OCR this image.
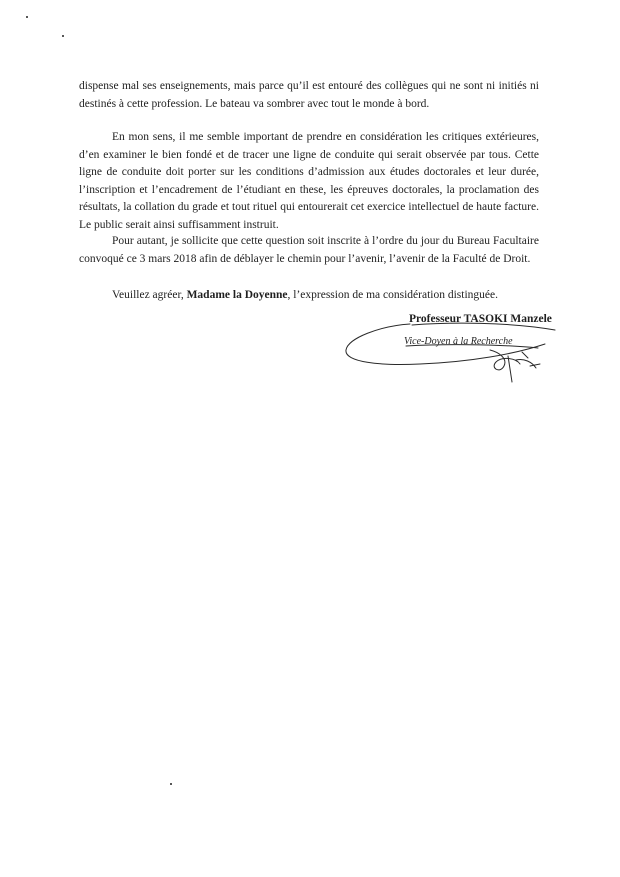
dispense mal ses enseignements, mais parce qu’il est entouré des collègues qui ne sont ni initiés ni destinés à cette profession. Le bateau va sombrer avec tout le monde à bord.

En mon sens, il me semble important de prendre en considération les critiques extérieures, d’en examiner le bien fondé et de tracer une ligne de conduite qui serait observée par tous. Cette ligne de conduite doit porter sur les conditions d’admission aux études doctorales et leur durée, l’inscription et l’encadrement de l’étudiant en these, les épreuves doctorales, la proclamation des résultats, la collation du grade et tout rituel qui entourerait cet exercice intellectuel de haute facture. Le public serait ainsi suffisamment instruit.

Pour autant, je sollicite que cette question soit inscrite à l’ordre du jour du Bureau Facultaire convoqué ce 3 mars 2018 afin de déblayer le chemin pour l’avenir, l’avenir de la Faculté de Droit.

Veuillez agréer, Madame la Doyenne, l’expression de ma considération distinguée.

Professeur TASOKI Manzele
Vice-Doyen à la Recherche
